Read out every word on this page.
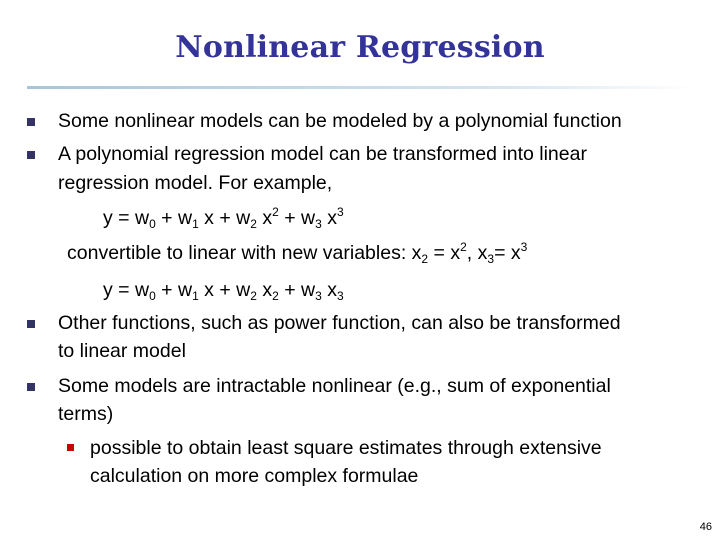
Nonlinear Regression
Some nonlinear models can be modeled by a polynomial function
A polynomial regression model can be transformed into linear
regression model. For example,
$y = w_0 + w_1$ $x + w_2$ $x^2 + w_3$ $x^3$
convertible to linear with new variables: $x_2 = x^2$, $x_3= x^3$
$y = w_0 + w_1$ $x + w_2$ $x_2 + w_3$ $x_3$
Other functions, such as power function, can also be transformed
to linear model
Some models are intractable nonlinear (e.g., sum of exponential
terms)
possible to obtain least square estimates through extensive
calculation on more complex formulae
46
